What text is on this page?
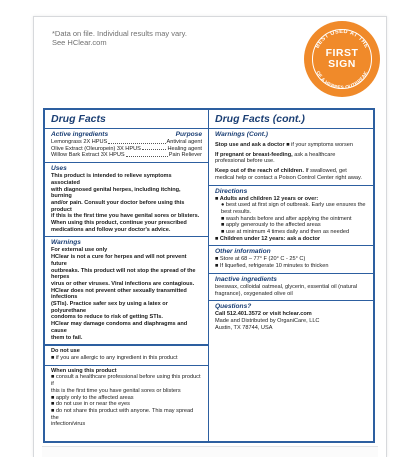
*Data on file. Individual results may vary. See HClear.com	BEST USED AT THE
OF A HERPES OUTBREAK
FIRST
SIGN
Drug Facts
Active ingredients	Purpose
Lemongrass 2X HPUS	Antiviral agent
Olive Extract (Oleuropein) 3X HPUS	Healing agent
Willow Bark Extract 3X HPUS	Pain Reliever
Uses
This product is intended to relieve symptoms associated
with diagnosed genital herpes, including itching, burning
and/or pain. Consult your doctor before using this product
if this is the first time you have genital sores or blisters.
When using this product, continue your prescribed
medications and follow your doctor's advice.
Warnings
For external use only
HClear is not a cure for herpes and will not prevent future
outbreaks. This product will not stop the spread of the herpes
virus or other viruses. Viral infections are contagious.
HClear does not prevent other sexually transmitted infections
(STIs). Practice safer sex by using a latex or polyurethane
condoms to reduce to risk of getting STIs.
HClear may damage condoms and diaphragms and cause
them to fail.
Do not use
■ if you are allergic to any ingredient in this product
When using this product
■ consult a healthcare professional before using this product if
this is the first time you have genital sores or blisters
■ apply only to the affected areas
■ do not use in or near the eyes
■ do not share this product with anyone. This may spread the
infection/virus
Drug Facts (cont.)
Warnings (Cont.)
Stop use and ask a doctor ■ if your symptoms worsen
If pregnant or breast-feeding, ask a healthcare professional before use.
Keep out of the reach of children. If swallowed, get medical help or contact a Poison Control Center right away.
Directions
■ Adults and children 12 years or over:
● best used at first sign of outbreak. Early use ensures the
best results.
■ wash hands before and after applying the ointment
■ apply generously to the affected areas
■ use at minimum 4 times daily and then as needed
■ Children under 12 years: ask a doctor
Other information
■ Store at 68 – 77° F (20° C - 25° C)
■ If liquefied, refrigerate 10 minutes to thicken
Inactive ingredients
beeswax, colloidal oatmeal, glycerin, essential oil (natural
fragrance), oxygenated olive oil
Questions?
Call 512.401.3572 or visit hclear.com
Made and Distributed by OrganiCare, LLC
Austin, TX 78744, USA
